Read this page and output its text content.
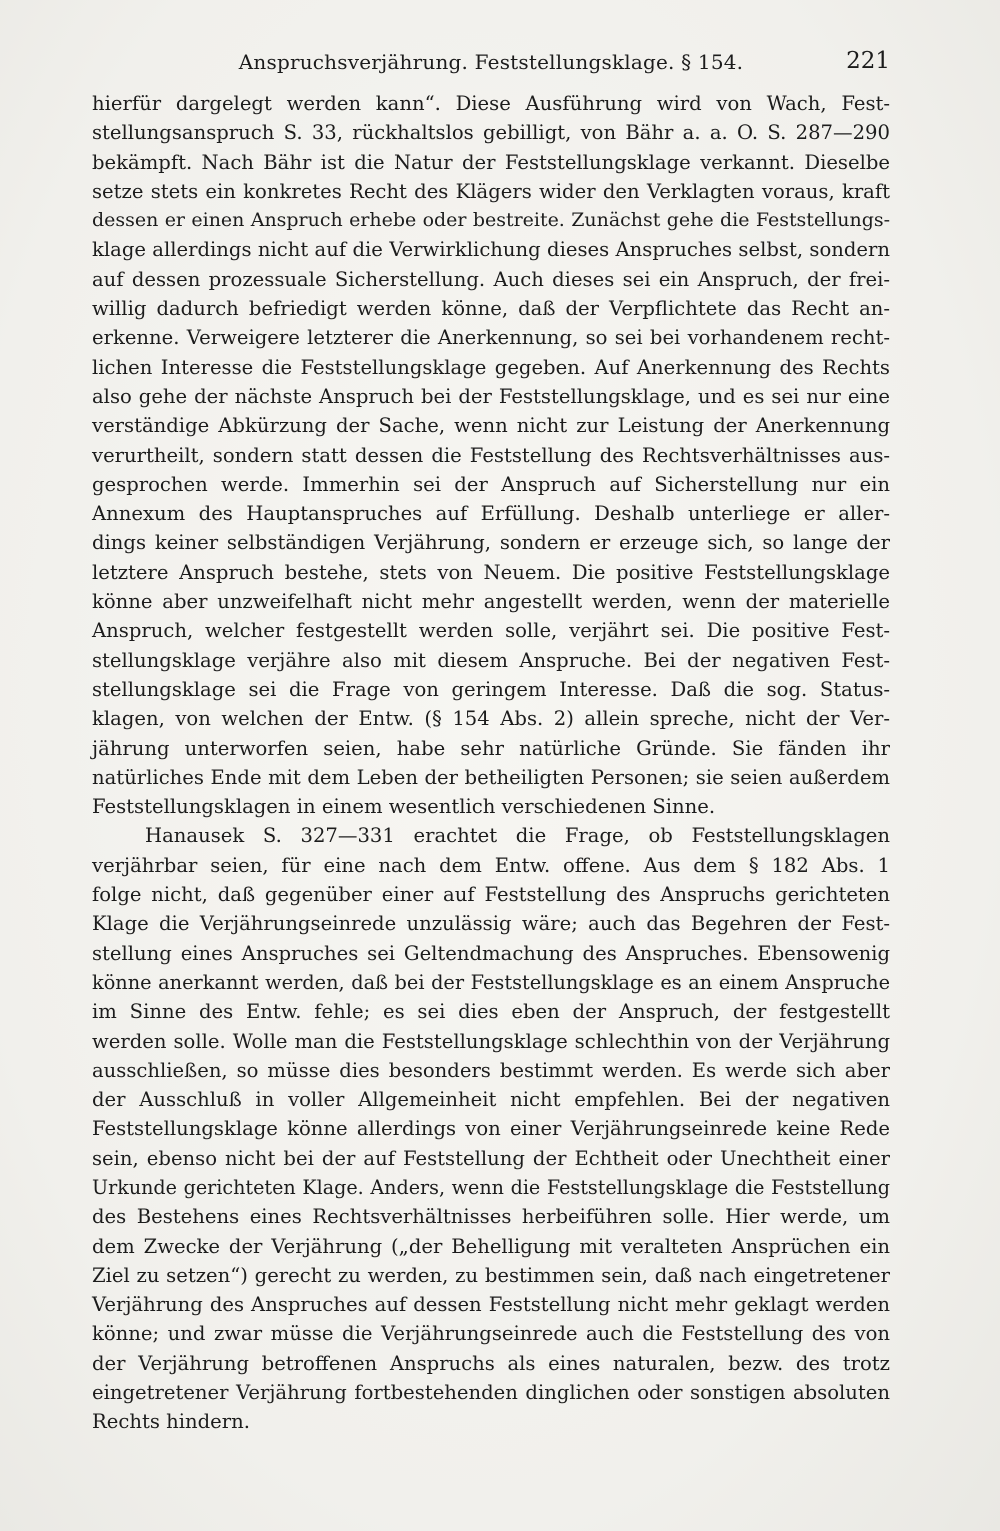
Anspruchsverjährung. Feststellungsklage. § 154.	221
hierfür dargelegt werden kann“. Diese Ausführung wird von Wach, Fest-
stellungsanspruch S. 33, rückhaltslos gebilligt, von Bähr a. a. O. S. 287—290
bekämpft. Nach Bähr ist die Natur der Feststellungsklage verkannt. Dieselbe
setze stets ein konkretes Recht des Klägers wider den Verklagten voraus, kraft
dessen er einen Anspruch erhebe oder bestreite. Zunächst gehe die Feststellungs-
klage allerdings nicht auf die Verwirklichung dieses Anspruches selbst, sondern
auf dessen prozessuale Sicherstellung. Auch dieses sei ein Anspruch, der frei-
willig dadurch befriedigt werden könne, daß der Verpflichtete das Recht an-
erkenne. Verweigere letzterer die Anerkennung, so sei bei vorhandenem recht-
lichen Interesse die Feststellungsklage gegeben. Auf Anerkennung des Rechts
also gehe der nächste Anspruch bei der Feststellungsklage, und es sei nur eine
verständige Abkürzung der Sache, wenn nicht zur Leistung der Anerkennung
verurtheilt, sondern statt dessen die Feststellung des Rechtsverhältnisses aus-
gesprochen werde. Immerhin sei der Anspruch auf Sicherstellung nur ein
Annexum des Hauptanspruches auf Erfüllung. Deshalb unterliege er aller-
dings keiner selbständigen Verjährung, sondern er erzeuge sich, so lange der
letztere Anspruch bestehe, stets von Neuem. Die positive Feststellungsklage
könne aber unzweifelhaft nicht mehr angestellt werden, wenn der materielle
Anspruch, welcher festgestellt werden solle, verjährt sei. Die positive Fest-
stellungsklage verjähre also mit diesem Anspruche. Bei der negativen Fest-
stellungsklage sei die Frage von geringem Interesse. Daß die sog. Status-
klagen, von welchen der Entw. (§ 154 Abs. 2) allein spreche, nicht der Ver-
jährung unterworfen seien, habe sehr natürliche Gründe. Sie fänden ihr
natürliches Ende mit dem Leben der betheiligten Personen; sie seien außerdem
Feststellungsklagen in einem wesentlich verschiedenen Sinne.
Hanausek S. 327—331 erachtet die Frage, ob Feststellungsklagen
verjährbar seien, für eine nach dem Entw. offene. Aus dem § 182 Abs. 1
folge nicht, daß gegenüber einer auf Feststellung des Anspruchs gerichteten
Klage die Verjährungseinrede unzulässig wäre; auch das Begehren der Fest-
stellung eines Anspruches sei Geltendmachung des Anspruches. Ebensowenig
könne anerkannt werden, daß bei der Feststellungsklage es an einem Anspruche
im Sinne des Entw. fehle; es sei dies eben der Anspruch, der festgestellt
werden solle. Wolle man die Feststellungsklage schlechthin von der Verjährung
ausschließen, so müsse dies besonders bestimmt werden. Es werde sich aber
der Ausschluß in voller Allgemeinheit nicht empfehlen. Bei der negativen
Feststellungsklage könne allerdings von einer Verjährungseinrede keine Rede
sein, ebenso nicht bei der auf Feststellung der Echtheit oder Unechtheit einer
Urkunde gerichteten Klage. Anders, wenn die Feststellungsklage die Feststellung
des Bestehens eines Rechtsverhältnisses herbeiführen solle. Hier werde, um
dem Zwecke der Verjährung („der Behelligung mit veralteten Ansprüchen ein
Ziel zu setzen“) gerecht zu werden, zu bestimmen sein, daß nach eingetretener
Verjährung des Anspruches auf dessen Feststellung nicht mehr geklagt werden
könne; und zwar müsse die Verjährungseinrede auch die Feststellung des von
der Verjährung betroffenen Anspruchs als eines naturalen, bezw. des trotz
eingetretener Verjährung fortbestehenden dinglichen oder sonstigen absoluten
Rechts hindern.
